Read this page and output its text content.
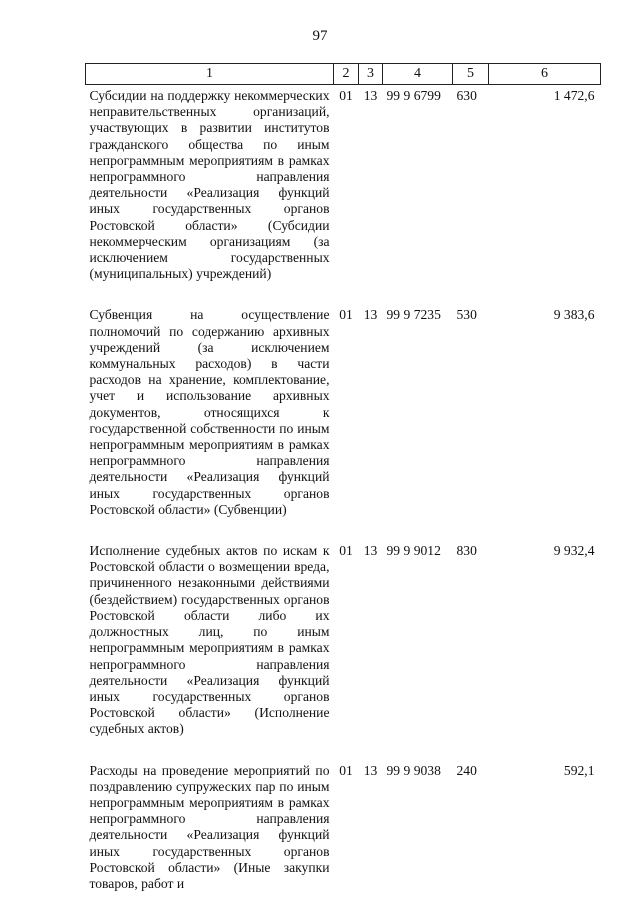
97
1	2	3	4	5	6
Субсидии на поддержку некоммерческих неправительственных организаций, участвующих в развитии институтов гражданского общества по иным непрограммным мероприятиям в рамках непрограммного направления деятельности «Реализация функций иных государственных органов Ростовской области» (Субсидии некоммерческим организациям (за исключением государственных (муниципальных) учреждений)	01	13	99 9 6799	630	1 472,6
Субвенция на осуществление полномочий по содержанию архивных учреждений (за исключением коммунальных расходов) в части расходов на хранение, комплектование, учет и использование архивных документов, относящихся к государственной собственности по иным непрограммным мероприятиям в рамках непрограммного направления деятельности «Реализация функций иных государственных органов Ростовской области» (Субвенции)	01	13	99 9 7235	530	9 383,6
Исполнение судебных актов по искам к Ростовской области о возмещении вреда, причиненного незаконными действиями (бездействием) государственных органов Ростовской области либо их должностных лиц, по иным непрограммным мероприятиям в рамках непрограммного направления деятельности «Реализация функций иных государственных органов Ростовской области» (Исполнение судебных актов)	01	13	99 9 9012	830	9 932,4
Расходы на проведение мероприятий по поздравлению супружеских пар по иным непрограммным мероприятиям в рамках непрограммного направления деятельности «Реализация функций иных государственных органов Ростовской области» (Иные закупки товаров, работ и	01	13	99 9 9038	240	592,1
